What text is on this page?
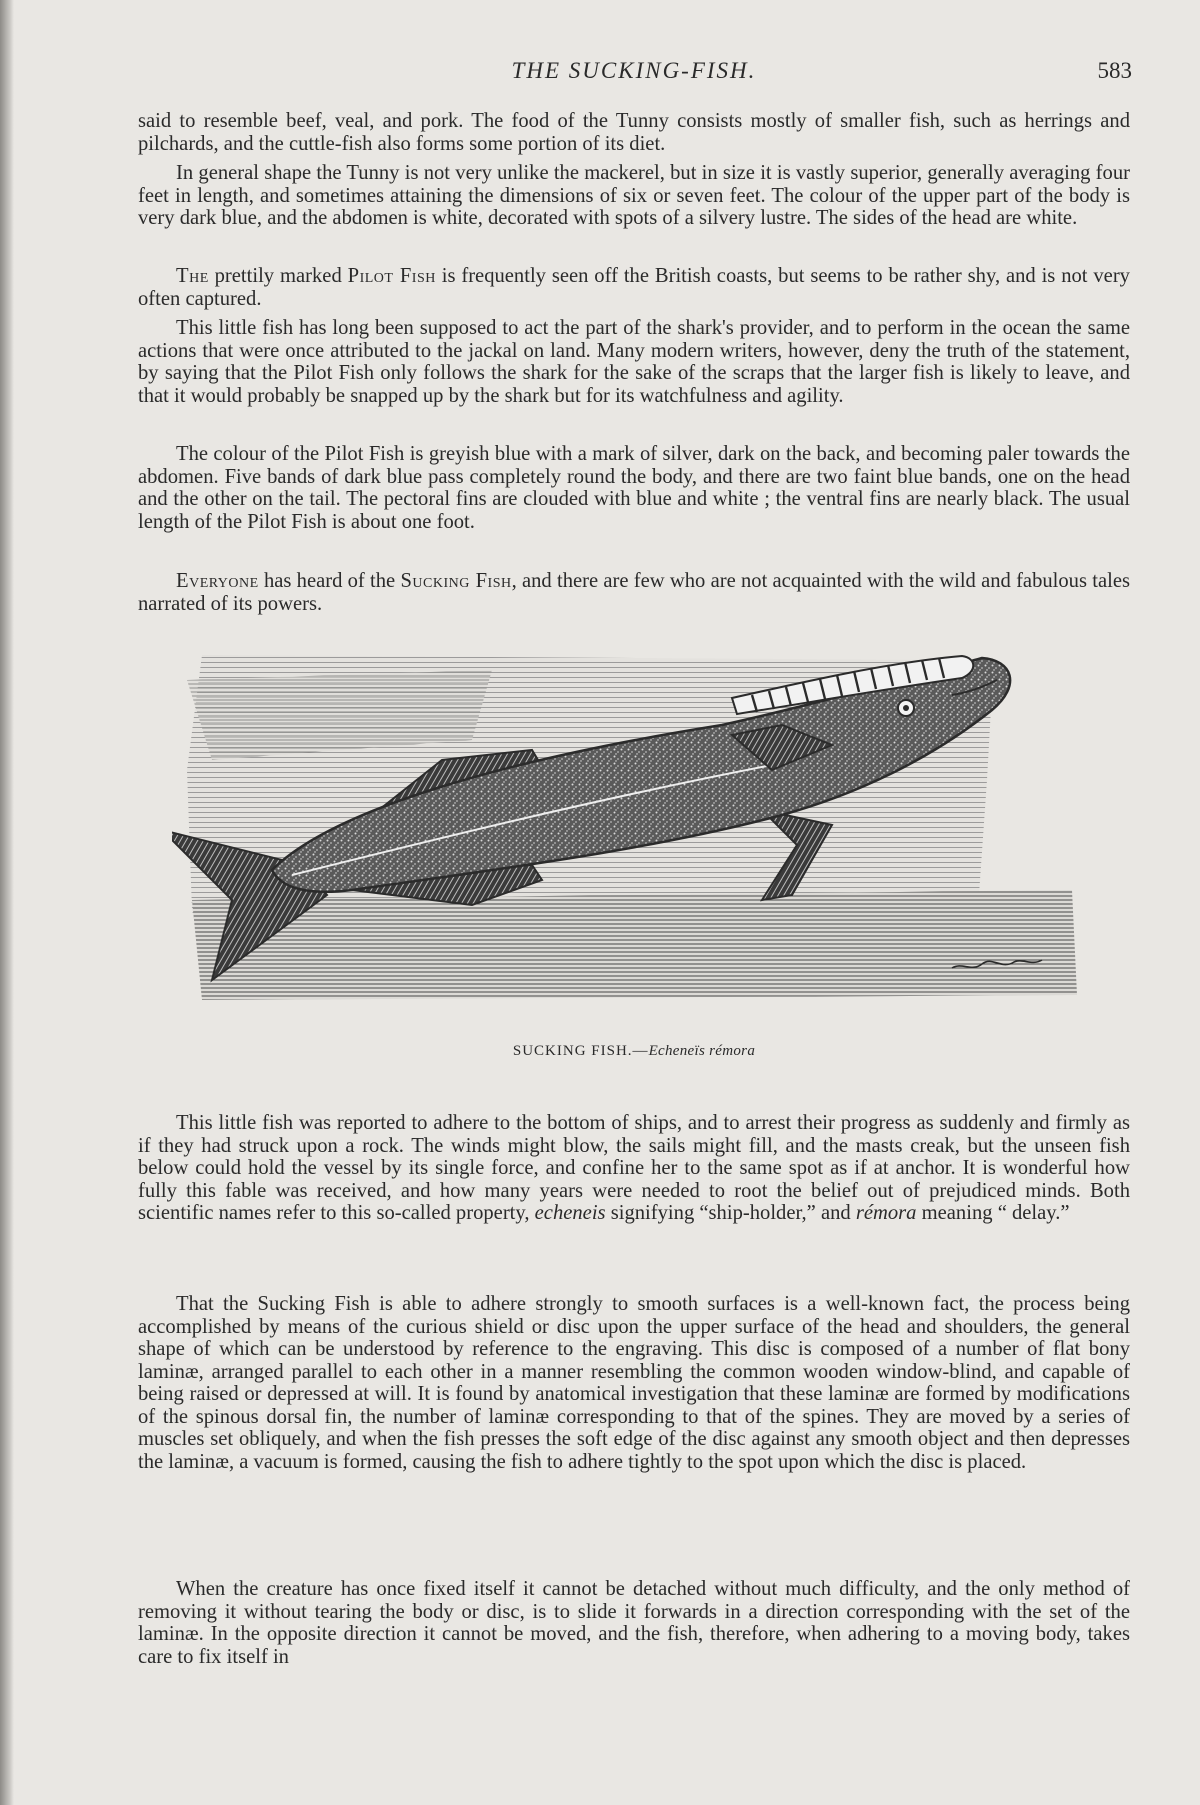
THE SUCKING-FISH.	583

said to resemble beef, veal, and pork. The food of the Tunny consists mostly of smaller fish, such as herrings and pilchards, and the cuttle-fish also forms some portion of its diet.

In general shape the Tunny is not very unlike the mackerel, but in size it is vastly superior, generally averaging four feet in length, and sometimes attaining the dimensions of six or seven feet. The colour of the upper part of the body is very dark blue, and the abdomen is white, decorated with spots of a silvery lustre. The sides of the head are white.

The prettily marked Pilot Fish is frequently seen off the British coasts, but seems to be rather shy, and is not very often captured.

This little fish has long been supposed to act the part of the shark's provider, and to perform in the ocean the same actions that were once attributed to the jackal on land. Many modern writers, however, deny the truth of the statement, by saying that the Pilot Fish only follows the shark for the sake of the scraps that the larger fish is likely to leave, and that it would probably be snapped up by the shark but for its watchfulness and agility.

The colour of the Pilot Fish is greyish blue with a mark of silver, dark on the back, and becoming paler towards the abdomen. Five bands of dark blue pass completely round the body, and there are two faint blue bands, one on the head and the other on the tail. The pectoral fins are clouded with blue and white ; the ventral fins are nearly black. The usual length of the Pilot Fish is about one foot.

Everyone has heard of the Sucking Fish, and there are few who are not acquainted with the wild and fabulous tales narrated of its powers.

SUCKING FISH.—Echeneïs rémora

This little fish was reported to adhere to the bottom of ships, and to arrest their progress as suddenly and firmly as if they had struck upon a rock. The winds might blow, the sails might fill, and the masts creak, but the unseen fish below could hold the vessel by its single force, and confine her to the same spot as if at anchor. It is wonderful how fully this fable was received, and how many years were needed to root the belief out of prejudiced minds. Both scientific names refer to this so-called property, echeneis signifying “ship-holder,” and rémora meaning “ delay.”

That the Sucking Fish is able to adhere strongly to smooth surfaces is a well-known fact, the process being accomplished by means of the curious shield or disc upon the upper surface of the head and shoulders, the general shape of which can be understood by reference to the engraving. This disc is composed of a number of flat bony laminæ, arranged parallel to each other in a manner resembling the common wooden window-blind, and capable of being raised or depressed at will. It is found by anatomical investigation that these laminæ are formed by modifications of the spinous dorsal fin, the number of laminæ corresponding to that of the spines. They are moved by a series of muscles set obliquely, and when the fish presses the soft edge of the disc against any smooth object and then depresses the laminæ, a vacuum is formed, causing the fish to adhere tightly to the spot upon which the disc is placed.

When the creature has once fixed itself it cannot be detached without much difficulty, and the only method of removing it without tearing the body or disc, is to slide it forwards in a direction corresponding with the set of the laminæ. In the opposite direction it cannot be moved, and the fish, therefore, when adhering to a moving body, takes care to fix itself in
